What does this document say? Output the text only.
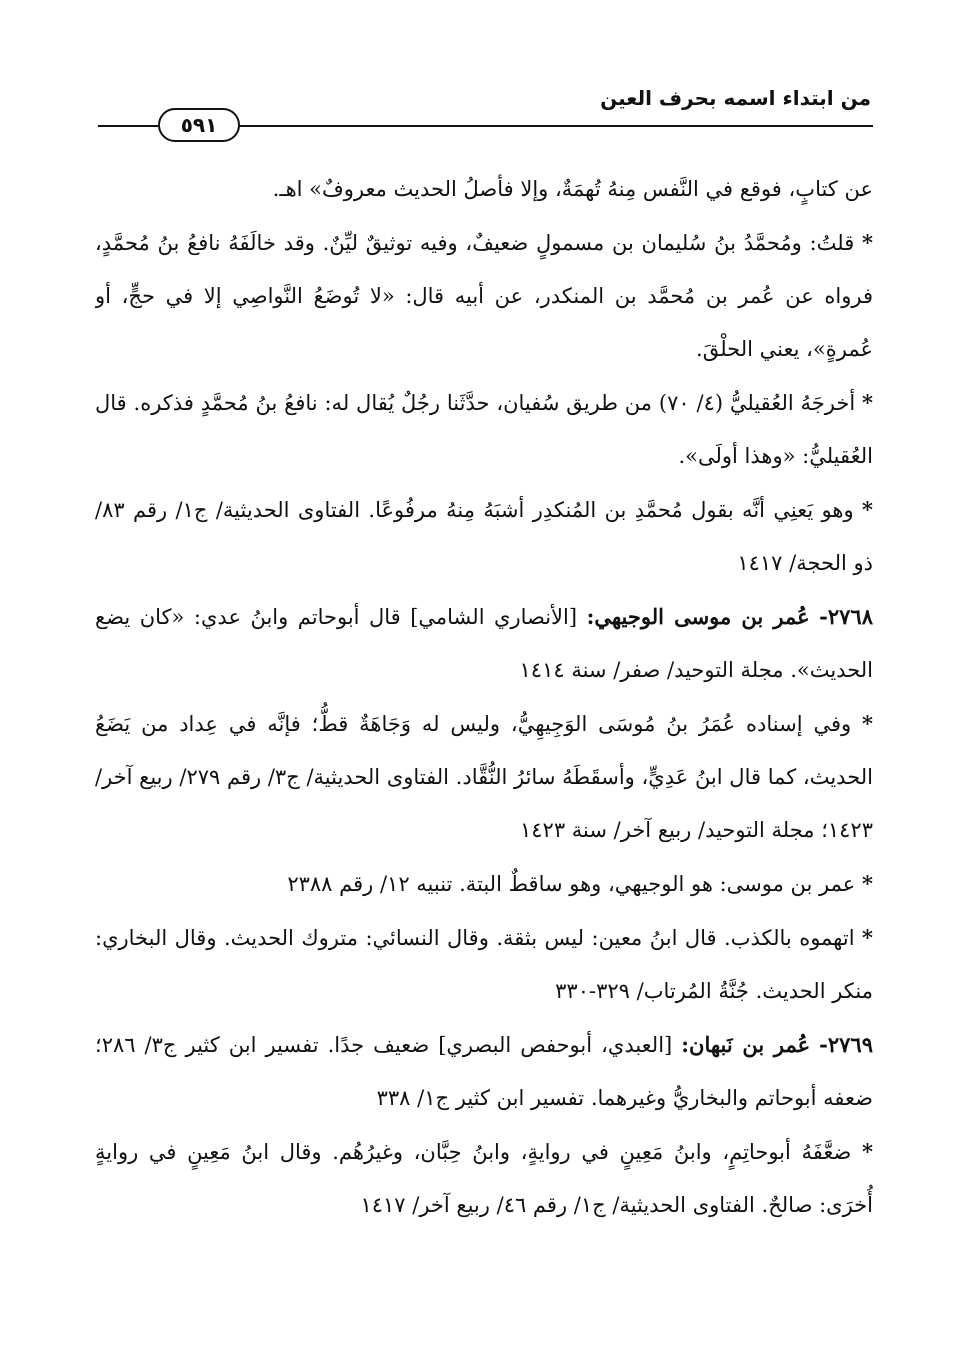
من ابتداء اسمه بحرف العين
٥٩١

عن كتابٍ، فوقع في النَّفس مِنهُ تُهمَةٌ، وإلا فأصلُ الحديث معروفٌ» اهـ.

* قلتُ: ومُحمَّدُ بنُ سُليمان بن مسمولٍ ضعيفٌ، وفيه توثيقٌ ليِّنٌ. وقد خالَفَهُ نافعُ بنُ مُحمَّدٍ، فرواه عن عُمر بن مُحمَّد بن المنكدر، عن أبيه قال: «لا تُوضَعُ النَّواصِي إلا في حجٍّ، أو عُمرةٍ»، يعني الحلْقَ.

* أخرجَهُ العُقيليُّ (٤/ ٧٠) من طريق سُفيان، حدَّثَنا رجُلٌ يُقال له: نافعُ بنُ مُحمَّدٍ فذكره. قال العُقيليُّ: «وهذا أولَى».

* وهو يَعنِي أنَّه بقول مُحمَّدِ بن المُنكدِر أشبَهُ مِنهُ مرفُوعًا. الفتاوى الحديثية/ ج١/ رقم ٨٣/ ذو الحجة/ ١٤١٧

٢٧٦٨- عُمر بن موسى الوجيهي: [الأنصاري الشامي] قال أبوحاتم وابنُ عدي: «كان يضع الحديث». مجلة التوحيد/ صفر/ سنة ١٤١٤

* وفي إسناده عُمَرُ بنُ مُوسَى الوَجِيهِيُّ، وليس له وَجَاهَةٌ قطُّ؛ فإنَّه في عِداد من يَضَعُ الحديث، كما قال ابنُ عَدِيٍّ، وأسقَطَهُ سائرُ النُّقَّاد. الفتاوى الحديثية/ ج٣/ رقم ٢٧٩/ ربيع آخر/ ١٤٢٣؛ مجلة التوحيد/ ربيع آخر/ سنة ١٤٢٣

* عمر بن موسى: هو الوجيهي، وهو ساقطٌ البتة. تنبيه ١٢/ رقم ٢٣٨٨

* اتهموه بالكذب. قال ابنُ معين: ليس بثقة. وقال النسائي: متروك الحديث. وقال البخاري: منكر الحديث. جُنَّةُ المُرتاب/ ٣٢٩-٣٣٠

٢٧٦٩- عُمر بن نَبهان: [العبدي، أبوحفص البصري] ضعيف جدًا. تفسير ابن كثير ج٣/ ٢٨٦؛ ضعفه أبوحاتم والبخاريُّ وغيرهما. تفسير ابن كثير ج١/ ٣٣٨

* ضعَّفَهُ أبوحاتِمٍ، وابنُ مَعِينٍ في روايةٍ، وابنُ حِبَّان، وغيرُهُم. وقال ابنُ مَعِينٍ في روايةٍ أُخرَى: صالحٌ. الفتاوى الحديثية/ ج١/ رقم ٤٦/ ربيع آخر/ ١٤١٧
